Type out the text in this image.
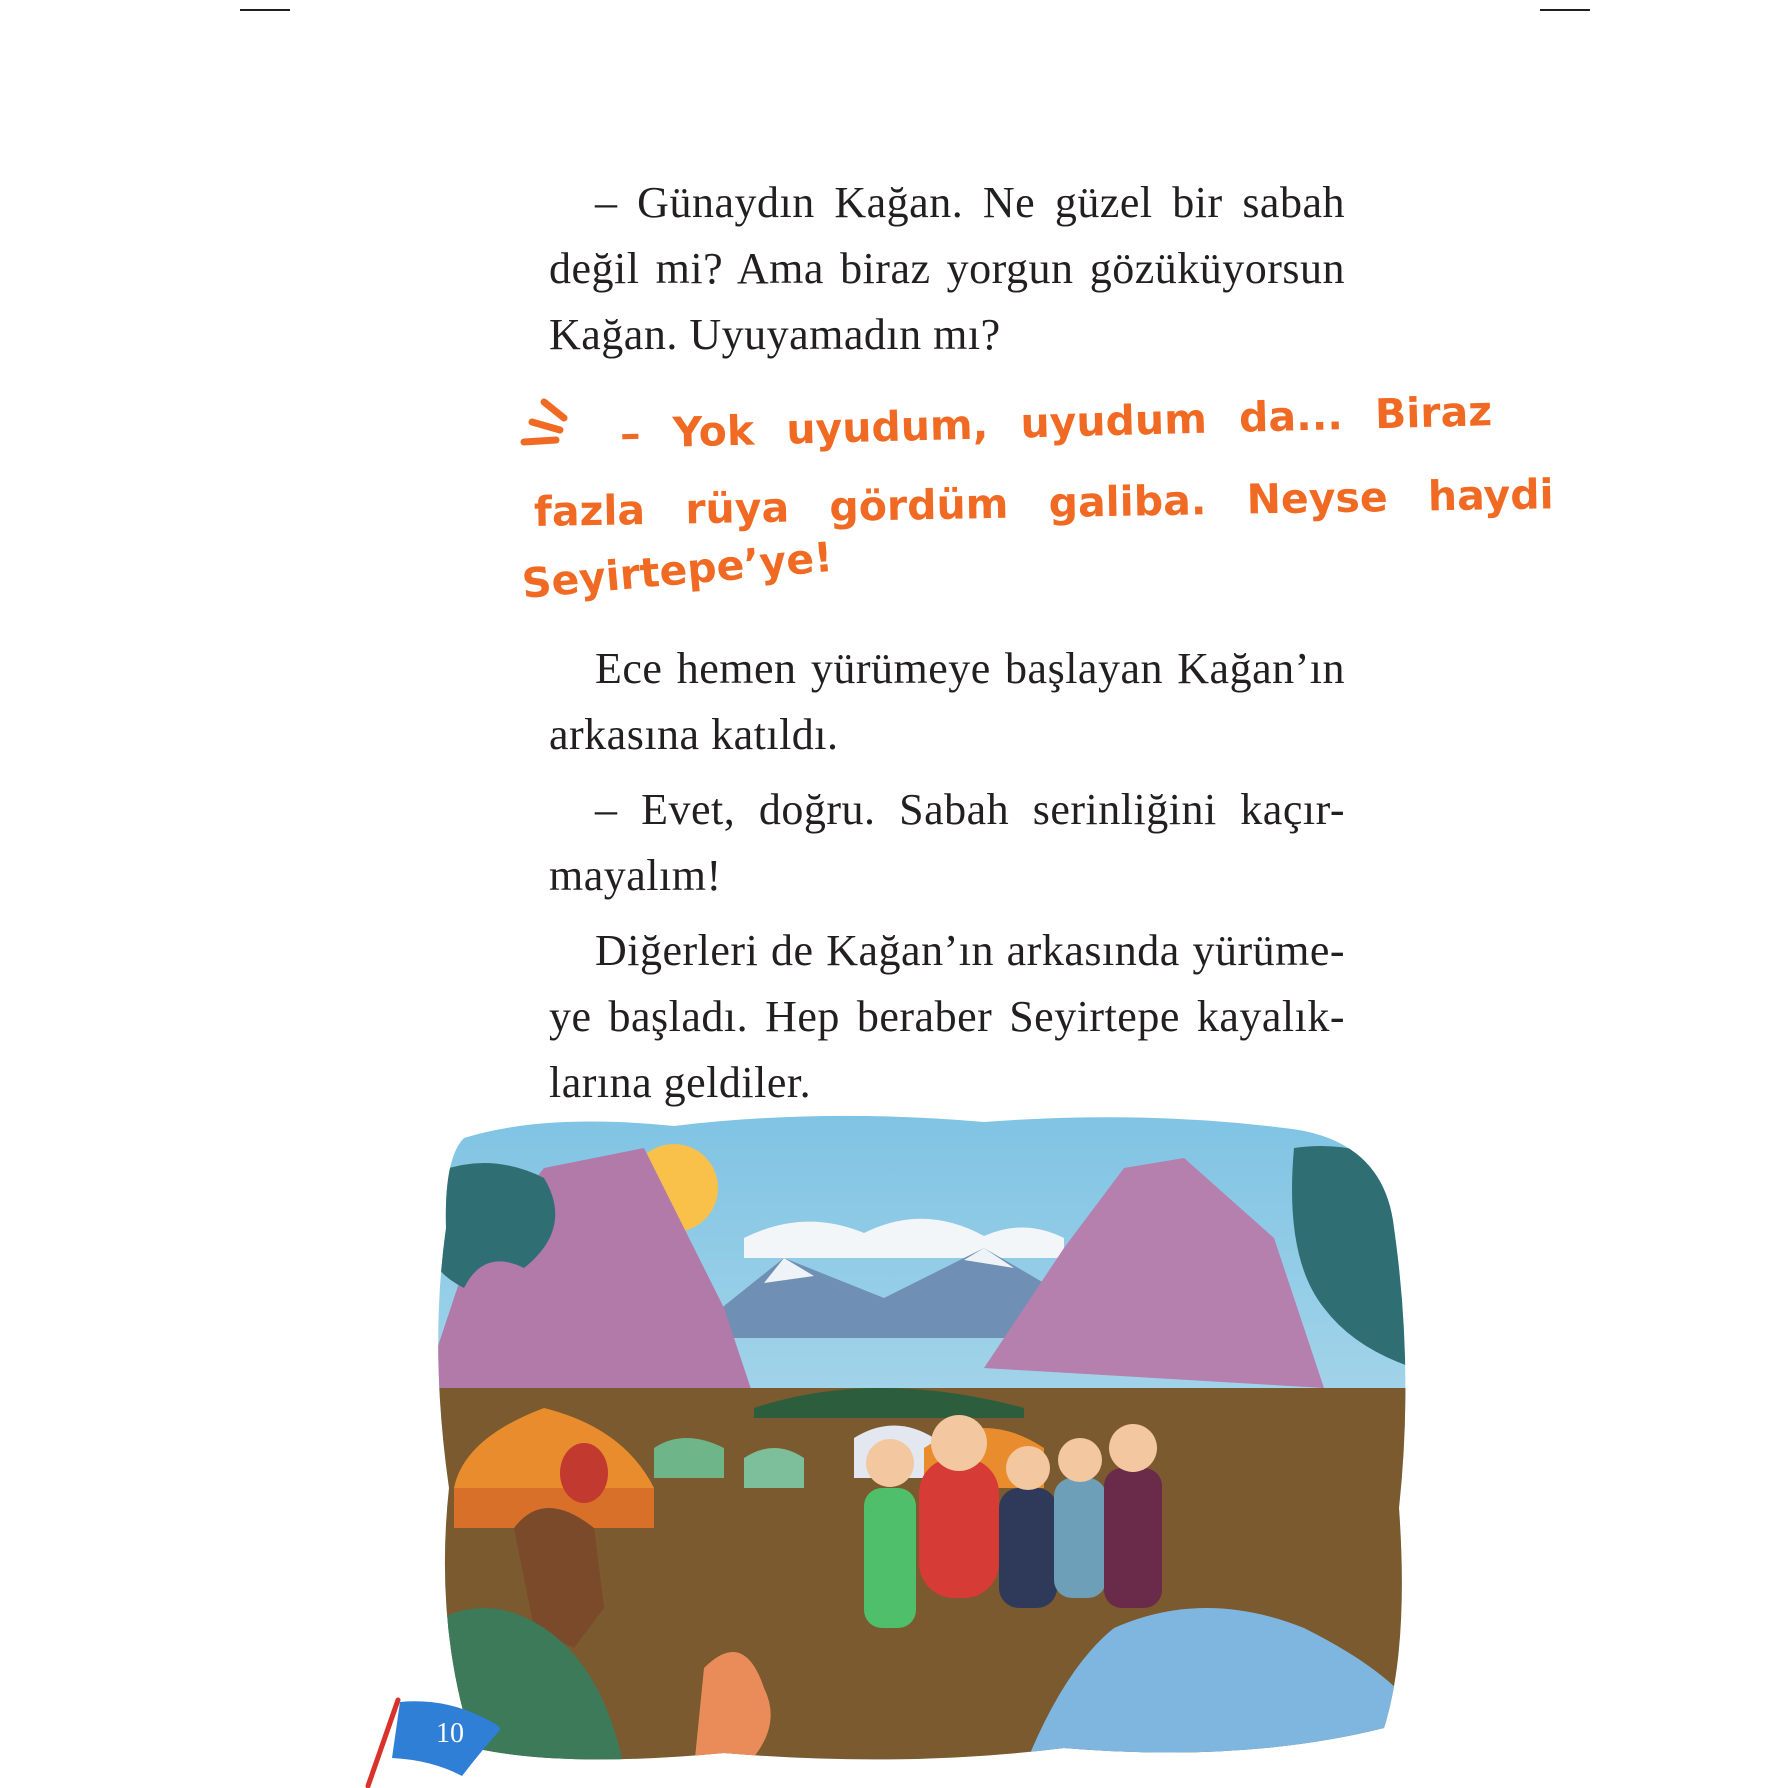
– Günaydın Kağan. Ne güzel bir sabah değil mi? Ama biraz yorgun gözüküyorsun Kağan. Uyuyamadın mı?

– Yok uyudum, uyudum da... Biraz
fazla rüya gördüm galiba. Neyse haydi
Seyirtepe’ye!

Ece hemen yürümeye başlayan Kağan’ın arkasına katıldı.

– Evet, doğru. Sabah serinliğini kaçır- mayalım!

Diğerleri de Kağan’ın arkasında yürüme- ye başladı. Hep beraber Seyirtepe kayalık- larına geldiler.

10
